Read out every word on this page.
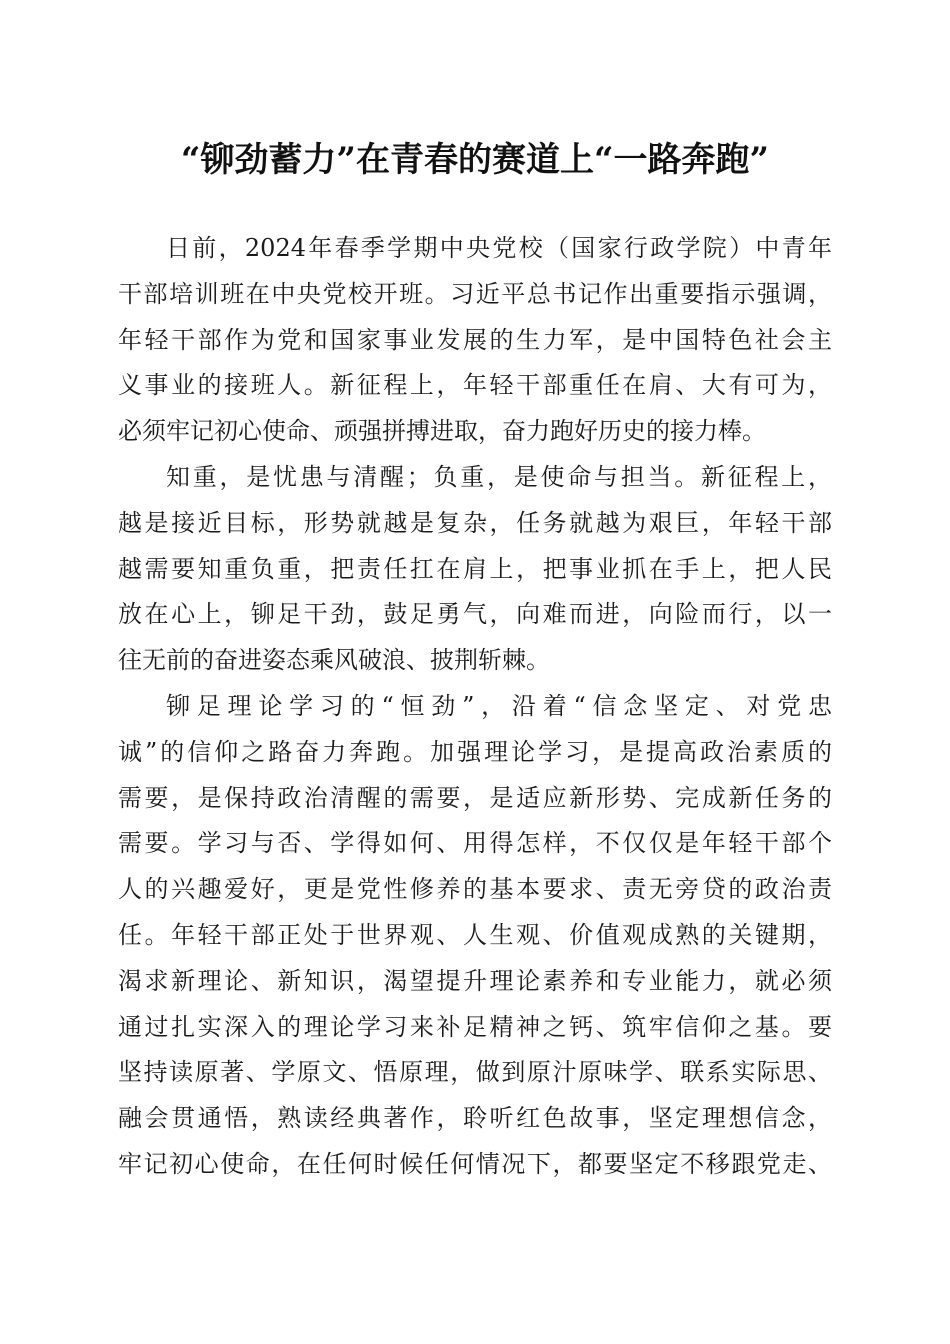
“铆劲蓄力”在青春的赛道上“一路奔跑”
日前，2024年春季学期中央党校（国家行政学院）中青年
干部培训班在中央党校开班。习近平总书记作出重要指示强调，
年轻干部作为党和国家事业发展的生力军，是中国特色社会主
义事业的接班人。新征程上，年轻干部重任在肩、大有可为，
必须牢记初心使命、顽强拼搏进取，奋力跑好历史的接力棒。
知重，是忧患与清醒；负重，是使命与担当。新征程上，
越是接近目标，形势就越是复杂，任务就越为艰巨，年轻干部
越需要知重负重，把责任扛在肩上，把事业抓在手上，把人民
放在心上，铆足干劲，鼓足勇气，向难而进，向险而行，以一
往无前的奋进姿态乘风破浪、披荆斩棘。
铆足理论学习的“恒劲”，沿着“信念坚定、对党忠
诚”的信仰之路奋力奔跑。加强理论学习，是提高政治素质的
需要，是保持政治清醒的需要，是适应新形势、完成新任务的
需要。学习与否、学得如何、用得怎样，不仅仅是年轻干部个
人的兴趣爱好，更是党性修养的基本要求、责无旁贷的政治责
任。年轻干部正处于世界观、人生观、价值观成熟的关键期，
渴求新理论、新知识，渴望提升理论素养和专业能力，就必须
通过扎实深入的理论学习来补足精神之钙、筑牢信仰之基。要
坚持读原著、学原文、悟原理，做到原汁原味学、联系实际思、
融会贯通悟，熟读经典著作，聆听红色故事，坚定理想信念，
牢记初心使命，在任何时候任何情况下，都要坚定不移跟党走、
